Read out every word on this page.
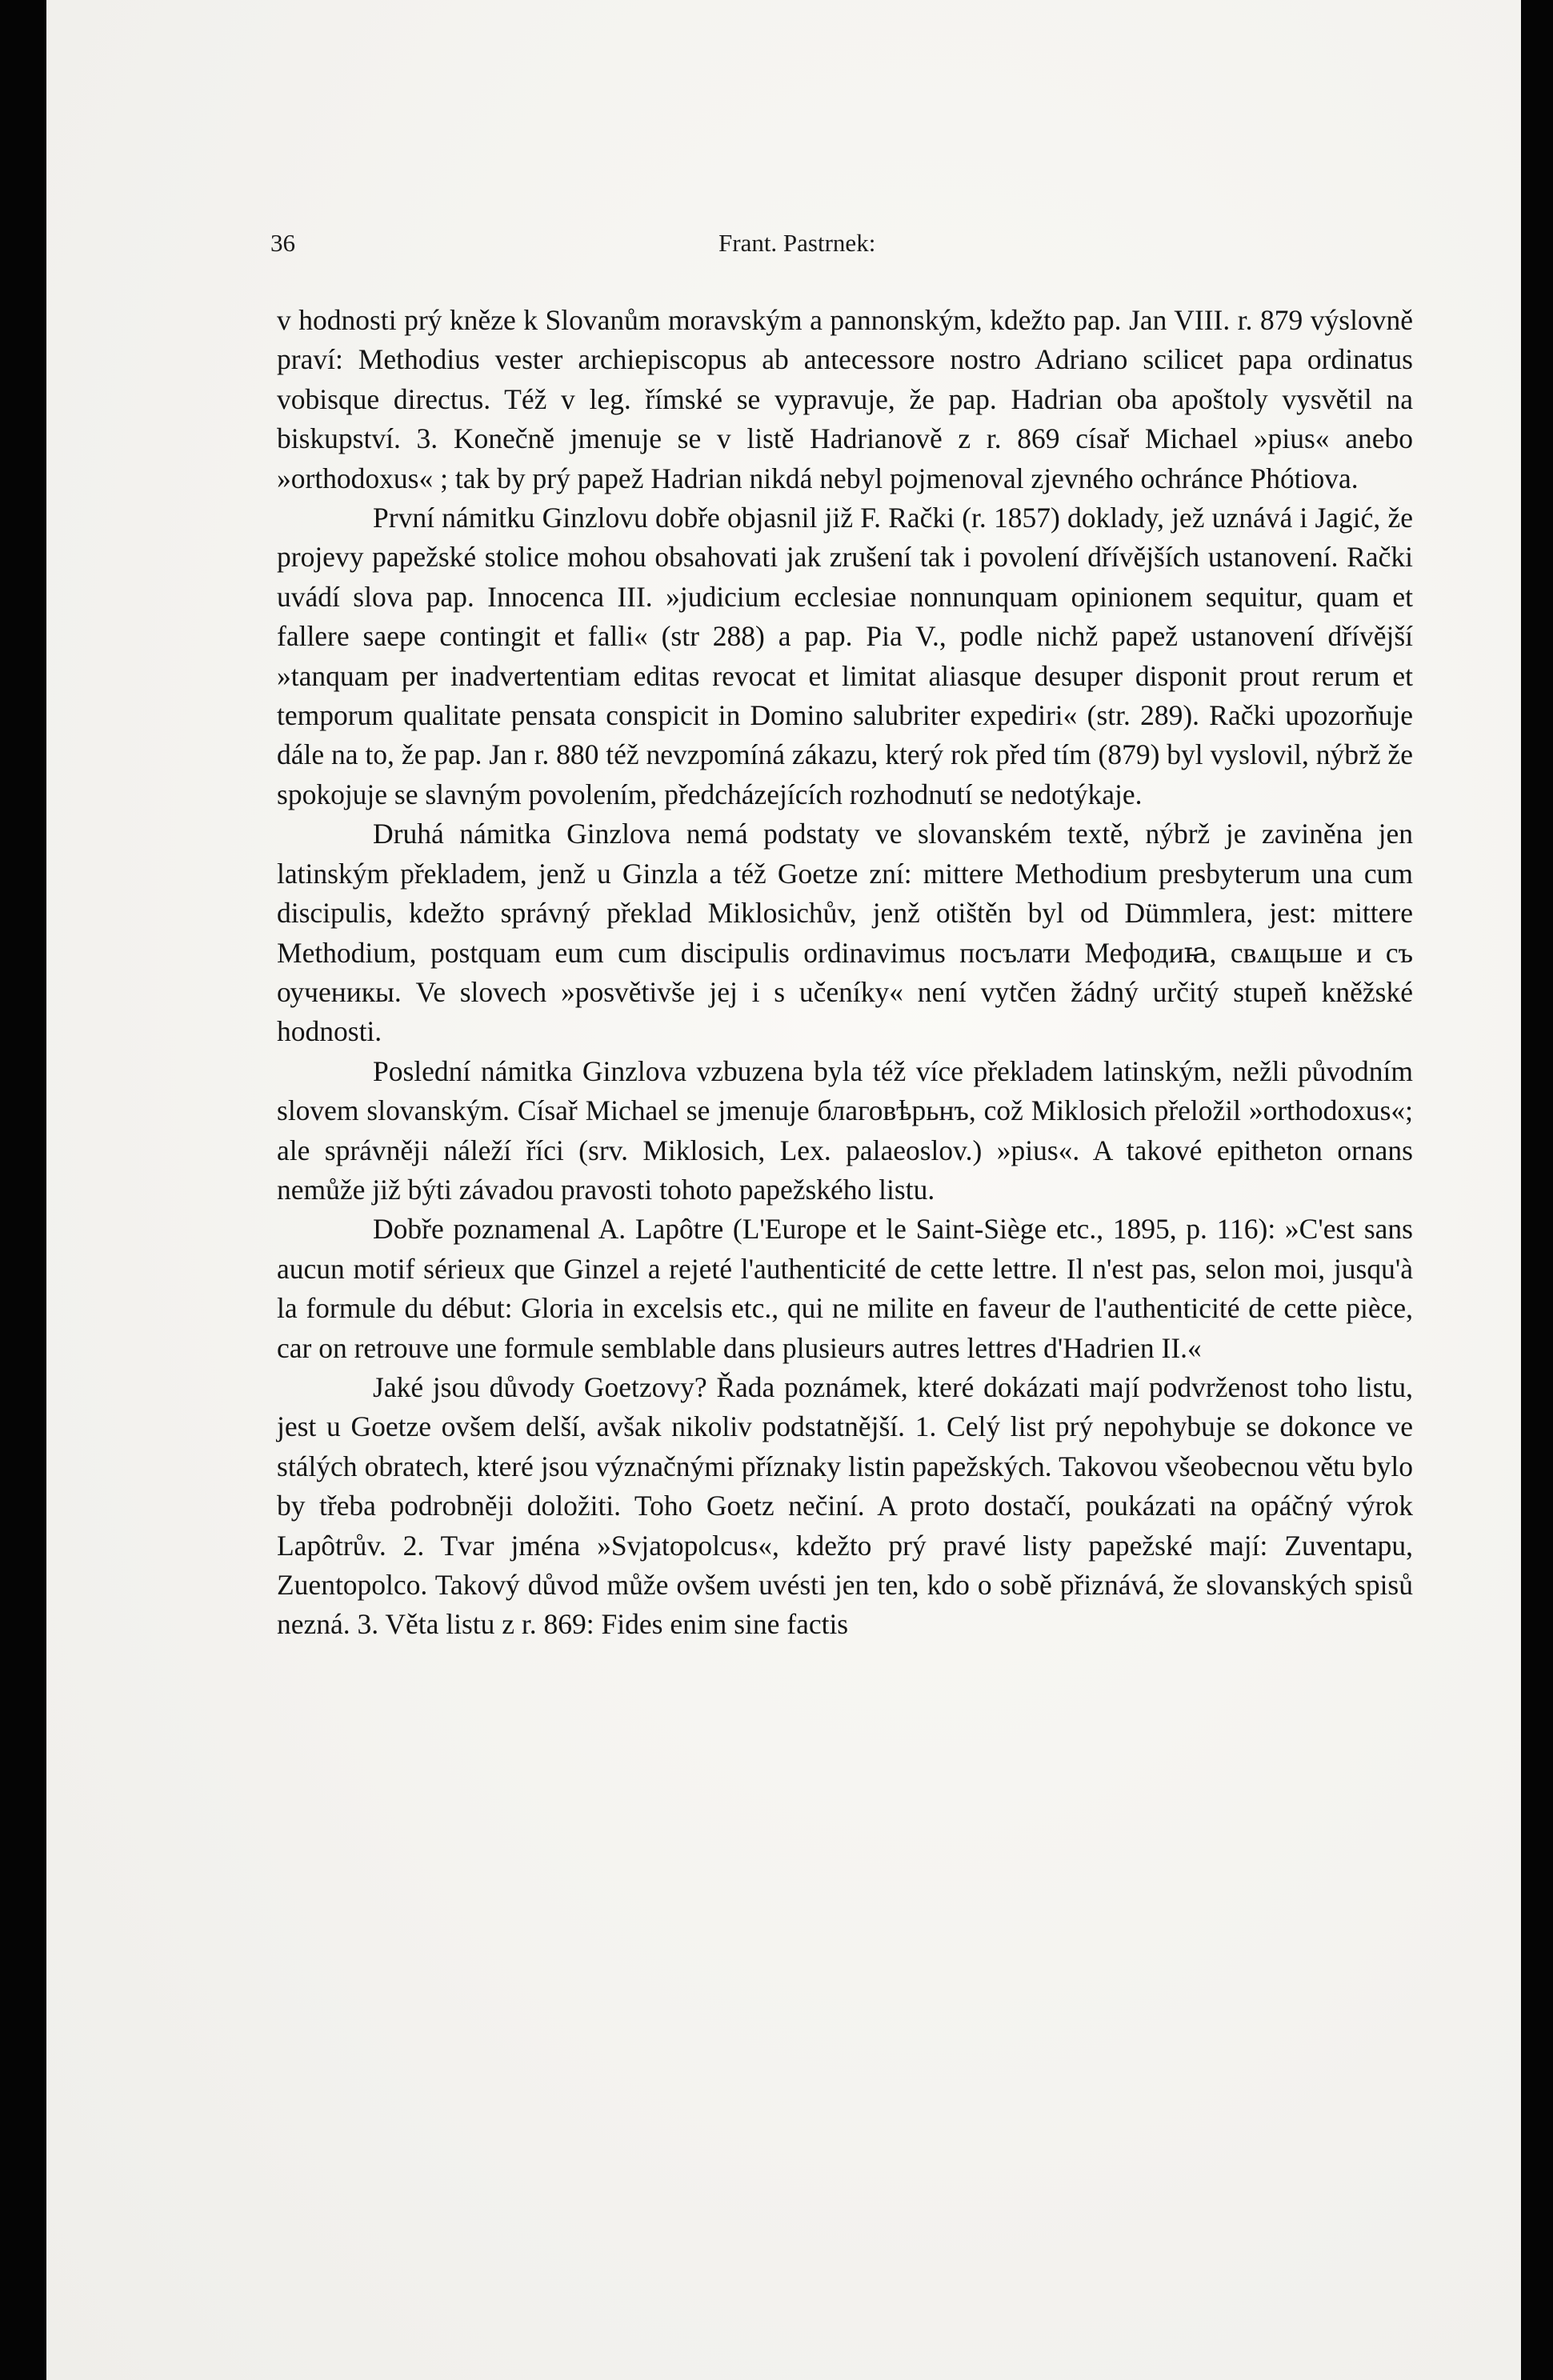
36	Frant. Pastrnek:

v hodnosti prý kněze k Slovanům moravským a pannonským, kdežto pap. Jan VIII. r. 879 výslovně praví: Methodius vester archiepiscopus ab antecessore nostro Adriano scilicet papa ordinatus vobisque directus. Též v leg. římské se vypravuje, že pap. Hadrian oba apoštoly vysvětil na biskupství. 3. Konečně jmenuje se v listě Hadrianově z r. 869 císař Michael »pius« anebo »orthodoxus« ; tak by prý papež Hadrian nikdá nebyl pojmenoval zjevného ochránce Phótiova.

První námitku Ginzlovu dobře objasnil již F. Rački (r. 1857) doklady, jež uznává i Jagić, že projevy papežské stolice mohou obsahovati jak zrušení tak i povolení dřívějších ustanovení. Rački uvádí slova pap. Innocenca III. »judicium ecclesiae nonnunquam opinionem sequitur, quam et fallere saepe contingit et falli« (str 288) a pap. Pia V., podle nichž papež ustanovení dřívější »tanquam per inadvertentiam editas revocat et limitat aliasque desuper disponit prout rerum et temporum qualitate pensata conspicit in Domino salubriter expediri« (str. 289). Rački upozorňuje dále na to, že pap. Jan r. 880 též nevzpomíná zákazu, který rok před tím (879) byl vyslovil, nýbrž že spokojuje se slavným povolením, předcházejících rozhodnutí se nedotýkaje.

Druhá námitka Ginzlova nemá podstaty ve slovanském textě, nýbrž je zaviněna jen latinským překladem, jenž u Ginzla a též Goetze zní: mittere Methodium presbyterum una cum discipulis, kdežto správný překlad Miklosichův, jenž otištěn byl od Dümmlera, jest: mittere Methodium, postquam eum cum discipulis ordinavimus посълати Мефодиꙗ, свѧщьше и съ оученикы. Ve slovech »posvětivše jej i s učeníky« není vytčen žádný určitý stupeň kněžské hodnosti.

Poslední námitka Ginzlova vzbuzena byla též více překladem latinským, nežli původním slovem slovanským. Císař Michael se jmenuje благовѣрьнъ, což Miklosich přeložil »orthodoxus«; ale správněji náleží říci (srv. Miklosich, Lex. palaeoslov.) »pius«. A takové epitheton ornans nemůže již býti závadou pravosti tohoto papežského listu.

Dobře poznamenal A. Lapôtre (L'Europe et le Saint-Siège etc., 1895, p. 116): »C'est sans aucun motif sérieux que Ginzel a rejeté l'authenticité de cette lettre. Il n'est pas, selon moi, jusqu'à la formule du début: Gloria in excelsis etc., qui ne milite en faveur de l'authenticité de cette pièce, car on retrouve une formule semblable dans plusieurs autres lettres d'Hadrien II.«

Jaké jsou důvody Goetzovy? Řada poznámek, které dokázati mají podvrženost toho listu, jest u Goetze ovšem delší, avšak nikoliv podstatnější. 1. Celý list prý nepohybuje se dokonce ve stálých obratech, které jsou význačnými příznaky listin papežských. Takovou všeobecnou větu bylo by třeba podrobněji doložiti. Toho Goetz nečiní. A proto dostačí, poukázati na opáčný výrok Lapôtrův. 2. Tvar jména »Svjatopolcus«, kdežto prý pravé listy papežské mají: Zuventapu, Zuentopolco. Takový důvod může ovšem uvésti jen ten, kdo o sobě přiznává, že slovanských spisů nezná. 3. Věta listu z r. 869: Fides enim sine factis
